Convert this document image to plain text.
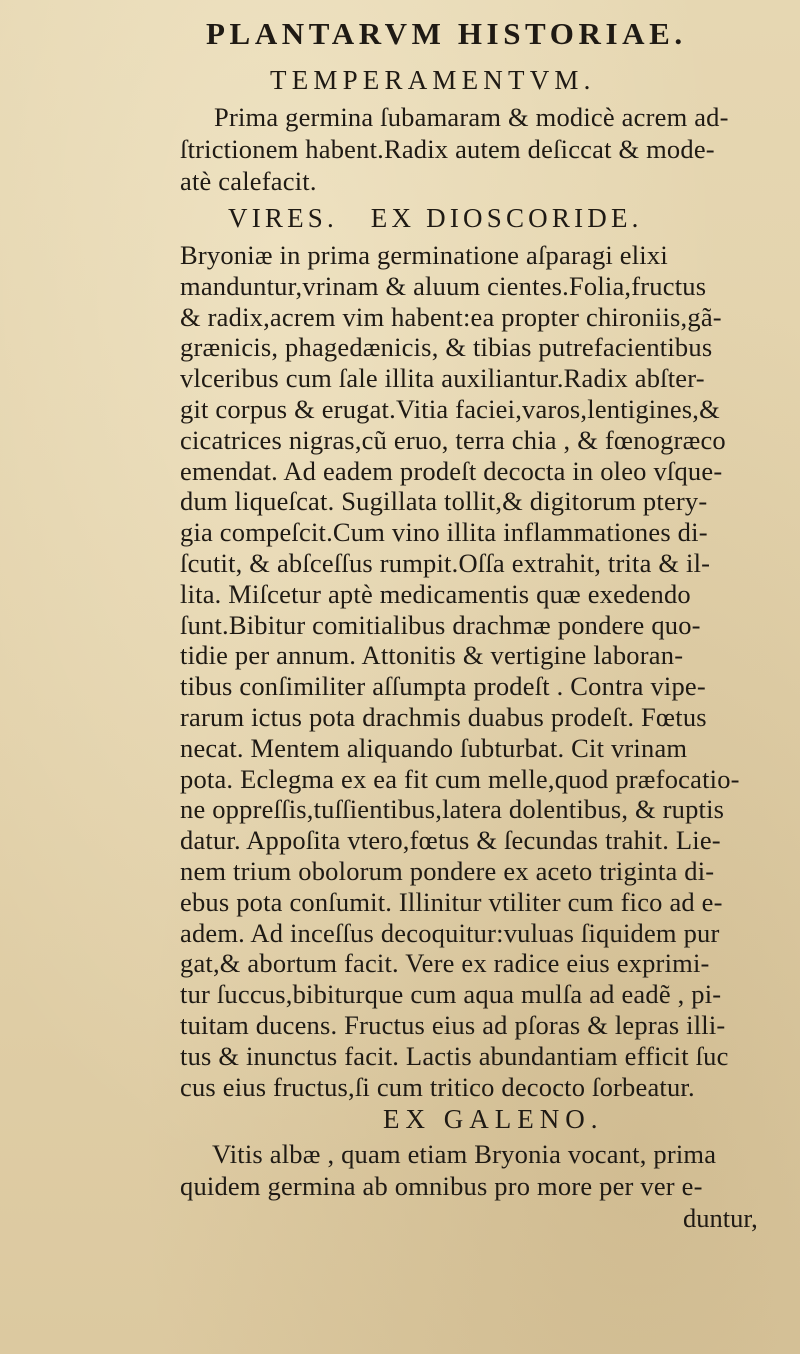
PLANTARVM HISTORIAE.
TEMPERAMENTVM.
Prima germina ſubamaram & modicè acrem ad-
ſtrictionem habent.Radix autem deſiccat & mode-
atè calefacit.
VIRES.   EX DIOSCORIDE.
Bryoniæ in prima germinatione aſparagi elixi
manduntur,vrinam & aluum cientes.Folia,fructus
& radix,acrem vim habent:ea propter chironiis,gã-
grænicis, phagedænicis, & tibias putrefacientibus
vlceribus cum ſale illita auxiliantur.Radix abſter-
git corpus & erugat.Vitia faciei,varos,lentigines,&
cicatrices nigras,cũ eruo, terra chia , & fœnogræco
emendat. Ad eadem prodeſt decocta in oleo vſque-
dum liqueſcat. Sugillata tollit,& digitorum ptery-
gia compeſcit.Cum vino illita inflammationes di-
ſcutit, & abſceſſus rumpit.Oſſa extrahit, trita & il-
lita. Miſcetur aptè medicamentis quæ exedendo
ſunt.Bibitur comitialibus drachmæ pondere quo-
tidie per annum. Attonitis & vertigine laboran-
tibus conſimiliter aſſumpta prodeſt . Contra vipe-
rarum ictus pota drachmis duabus prodeſt. Fœtus
necat. Mentem aliquando ſubturbat. Cit vrinam
pota. Eclegma ex ea fit cum melle,quod præfocatio-
ne oppreſſis,tuſſientibus,latera dolentibus, & ruptis
datur. Appoſita vtero,fœtus & ſecundas trahit. Lie-
nem trium obolorum pondere ex aceto triginta di-
ebus pota conſumit. Illinitur vtiliter cum fico ad e-
adem. Ad inceſſus decoquitur:vuluas ſiquidem pur
gat,& abortum facit. Vere ex radice eius exprimi-
tur ſuccus,bibiturque cum aqua mulſa ad eadẽ , pi-
tuitam ducens. Fructus eius ad pſoras & lepras illi-
tus & inunctus facit. Lactis abundantiam efficit ſuc
cus eius fructus,ſi cum tritico decocto ſorbeatur.
EX GALENO.
Vitis albæ , quam etiam Bryonia vocant, prima
quidem germina ab omnibus pro more per ver e-
duntur,
